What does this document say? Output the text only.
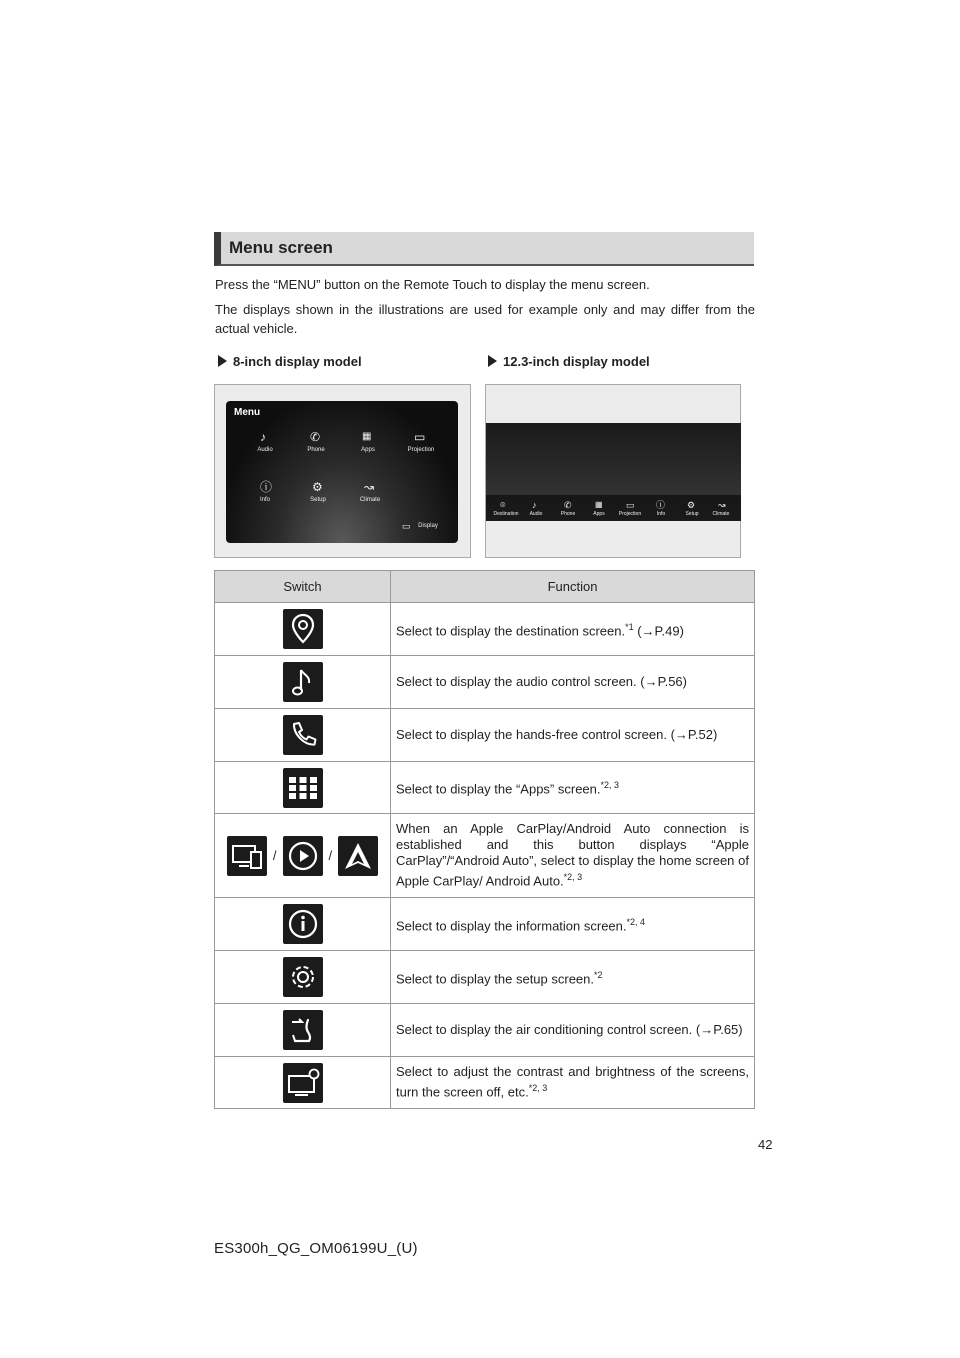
Menu screen
Press the “MENU” button on the Remote Touch to display the menu screen.
The displays shown in the illustrations are used for example only and may differ from the actual vehicle.
8-inch display model	12.3-inch display model
Menu
♪
Audio
✆
Phone
▦
Apps
▭
Projection
ⓘ
Info
⚙
Setup
↝
Climate
▭	Display
⌾
Destination
♪
Audio
✆
Phone
▦
Apps
▭
Projection
ⓘ
Info
⚙
Setup
↝
Climate
Switch	Function

	Select to display the destination screen.$^{*1}$ (→P.49)

	Select to display the audio control screen. (→P.56)

	Select to display the hands-free control screen. (→P.52)

	Select to display the “Apps” screen.$^{*2, 3}$

/ /	When an Apple CarPlay/Android Auto connection is established and this button displays “Apple CarPlay”/“Android Auto”, select to display the home screen of Apple CarPlay/ Android Auto.$^{*2, 3}$

	Select to display the information screen.$^{*2, 4}$

	Select to display the setup screen.$^{*2}$

	Select to display the air conditioning control screen. (→P.65)

	Select to adjust the contrast and brightness of the screens, turn the screen off, etc.$^{*2, 3}$
42
ES300h_QG_OM06199U_(U)
